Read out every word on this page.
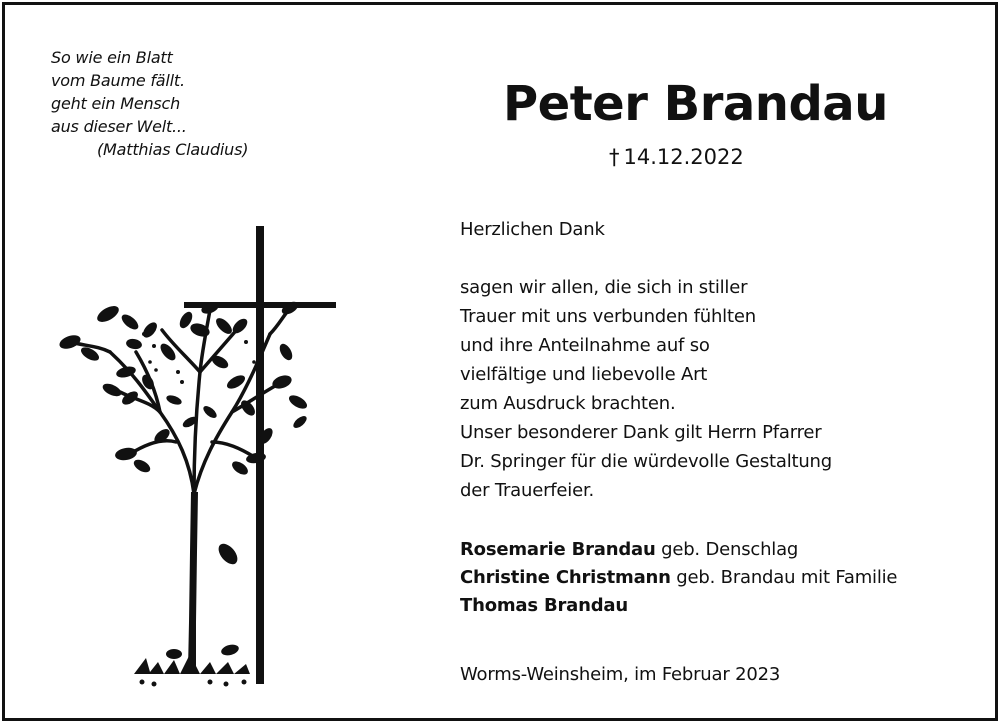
So wie ein Blatt
vom Baume fällt.
geht ein Mensch
aus dieser Welt...
(Matthias Claudius)
Peter Brandau
† 14.12.2022
Herzlichen Dank
sagen wir allen, die sich in stiller
Trauer mit uns verbunden fühlten
und ihre Anteilnahme auf so
vielfältige und liebevolle Art
zum Ausdruck brachten.
Unser besonderer Dank gilt Herrn Pfarrer
Dr. Springer für die würdevolle Gestaltung
der Trauerfeier.
Rosemarie Brandau geb. Denschlag
Christine Christmann geb. Brandau mit Familie
Thomas Brandau
Worms-Weinsheim, im Februar 2023
